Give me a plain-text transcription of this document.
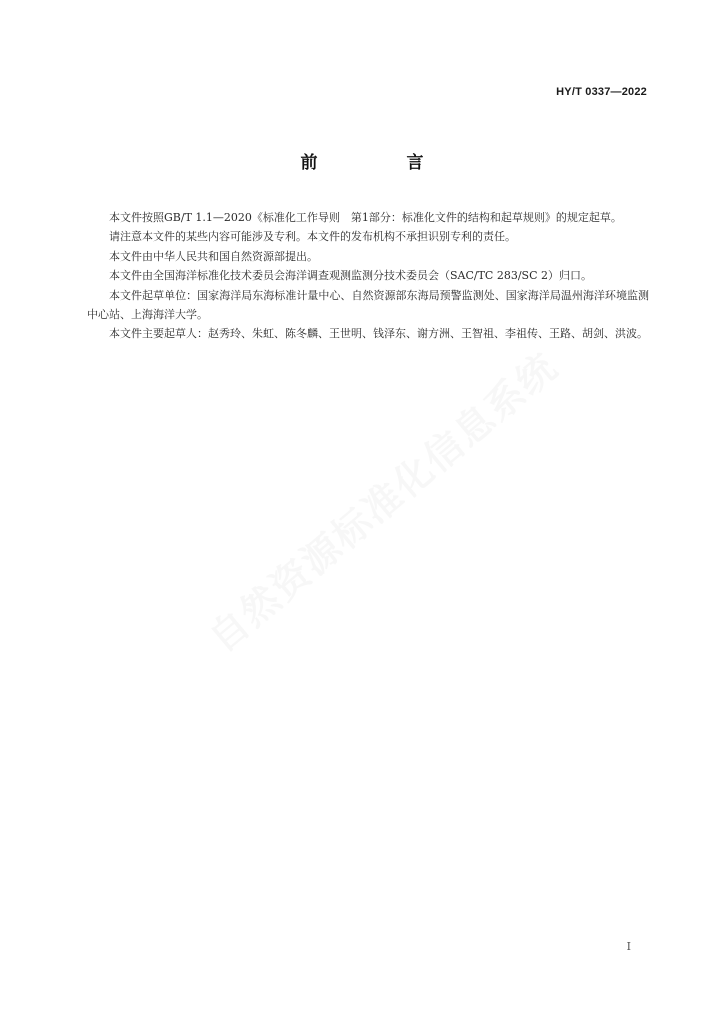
HY/T 0337—2022
前　言

本文件按照GB/T 1.1—2020《标准化工作导则　第1部分：标准化文件的结构和起草规则》的规定起草。

请注意本文件的某些内容可能涉及专利。本文件的发布机构不承担识别专利的责任。

本文件由中华人民共和国自然资源部提出。

本文件由全国海洋标准化技术委员会海洋调查观测监测分技术委员会（SAC/TC 283/SC 2）归口。

本文件起草单位：国家海洋局东海标准计量中心、自然资源部东海局预警监测处、国家海洋局温州海洋环境监测中心站、上海海洋大学。

本文件主要起草人：赵秀玲、朱虹、陈冬麟、王世明、钱泽东、谢方洲、王智祖、李祖传、王路、胡剑、洪波。

自然资源标准化信息系统
I
